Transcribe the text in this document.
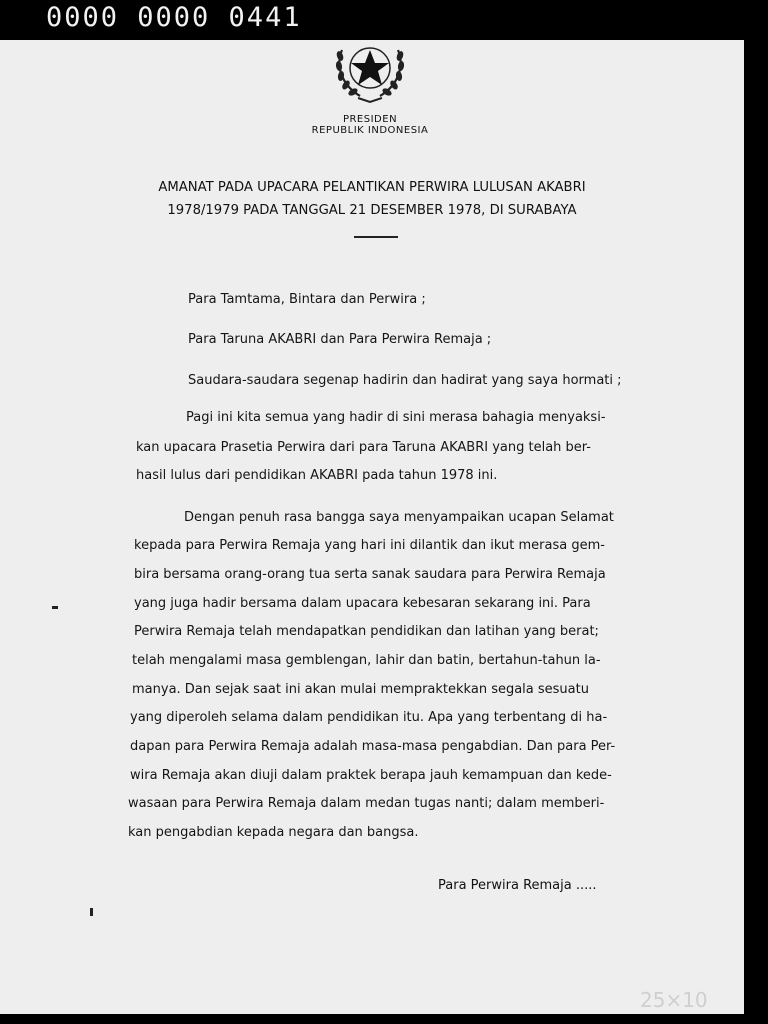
0000 0000 0441
PRESIDEN
REPUBLIK INDONESIA
AMANAT PADA UPACARA PELANTIKAN PERWIRA LULUSAN AKABRI
1978/1979 PADA TANGGAL 21 DESEMBER 1978, DI SURABAYA
Para Tamtama, Bintara dan Perwira ;
Para Taruna AKABRI dan Para Perwira Remaja ;
Saudara-saudara segenap hadirin dan hadirat yang saya hormati ;
Pagi ini kita semua yang hadir di sini merasa bahagia menyaksi-
kan upacara Prasetia Perwira dari para Taruna AKABRI yang telah ber-
hasil lulus dari pendidikan AKABRI pada tahun 1978 ini.
Dengan penuh rasa bangga saya menyampaikan ucapan Selamat
kepada para Perwira Remaja yang hari ini dilantik dan ikut merasa gem-
bira bersama orang-orang tua serta sanak saudara para Perwira Remaja
yang juga hadir bersama dalam upacara kebesaran sekarang ini. Para
Perwira Remaja telah mendapatkan pendidikan dan latihan yang berat;
telah mengalami masa gemblengan, lahir dan batin, bertahun-tahun la-
manya. Dan sejak saat ini akan mulai mempraktekkan segala sesuatu
yang diperoleh selama dalam pendidikan itu. Apa yang terbentang di ha-
dapan para Perwira Remaja adalah masa-masa pengabdian. Dan para Per-
wira Remaja akan diuji dalam praktek berapa jauh kemampuan dan kede-
wasaan para Perwira Remaja dalam medan tugas nanti; dalam memberi-
kan pengabdian kepada negara dan bangsa.
Para Perwira Remaja .....
25×10
